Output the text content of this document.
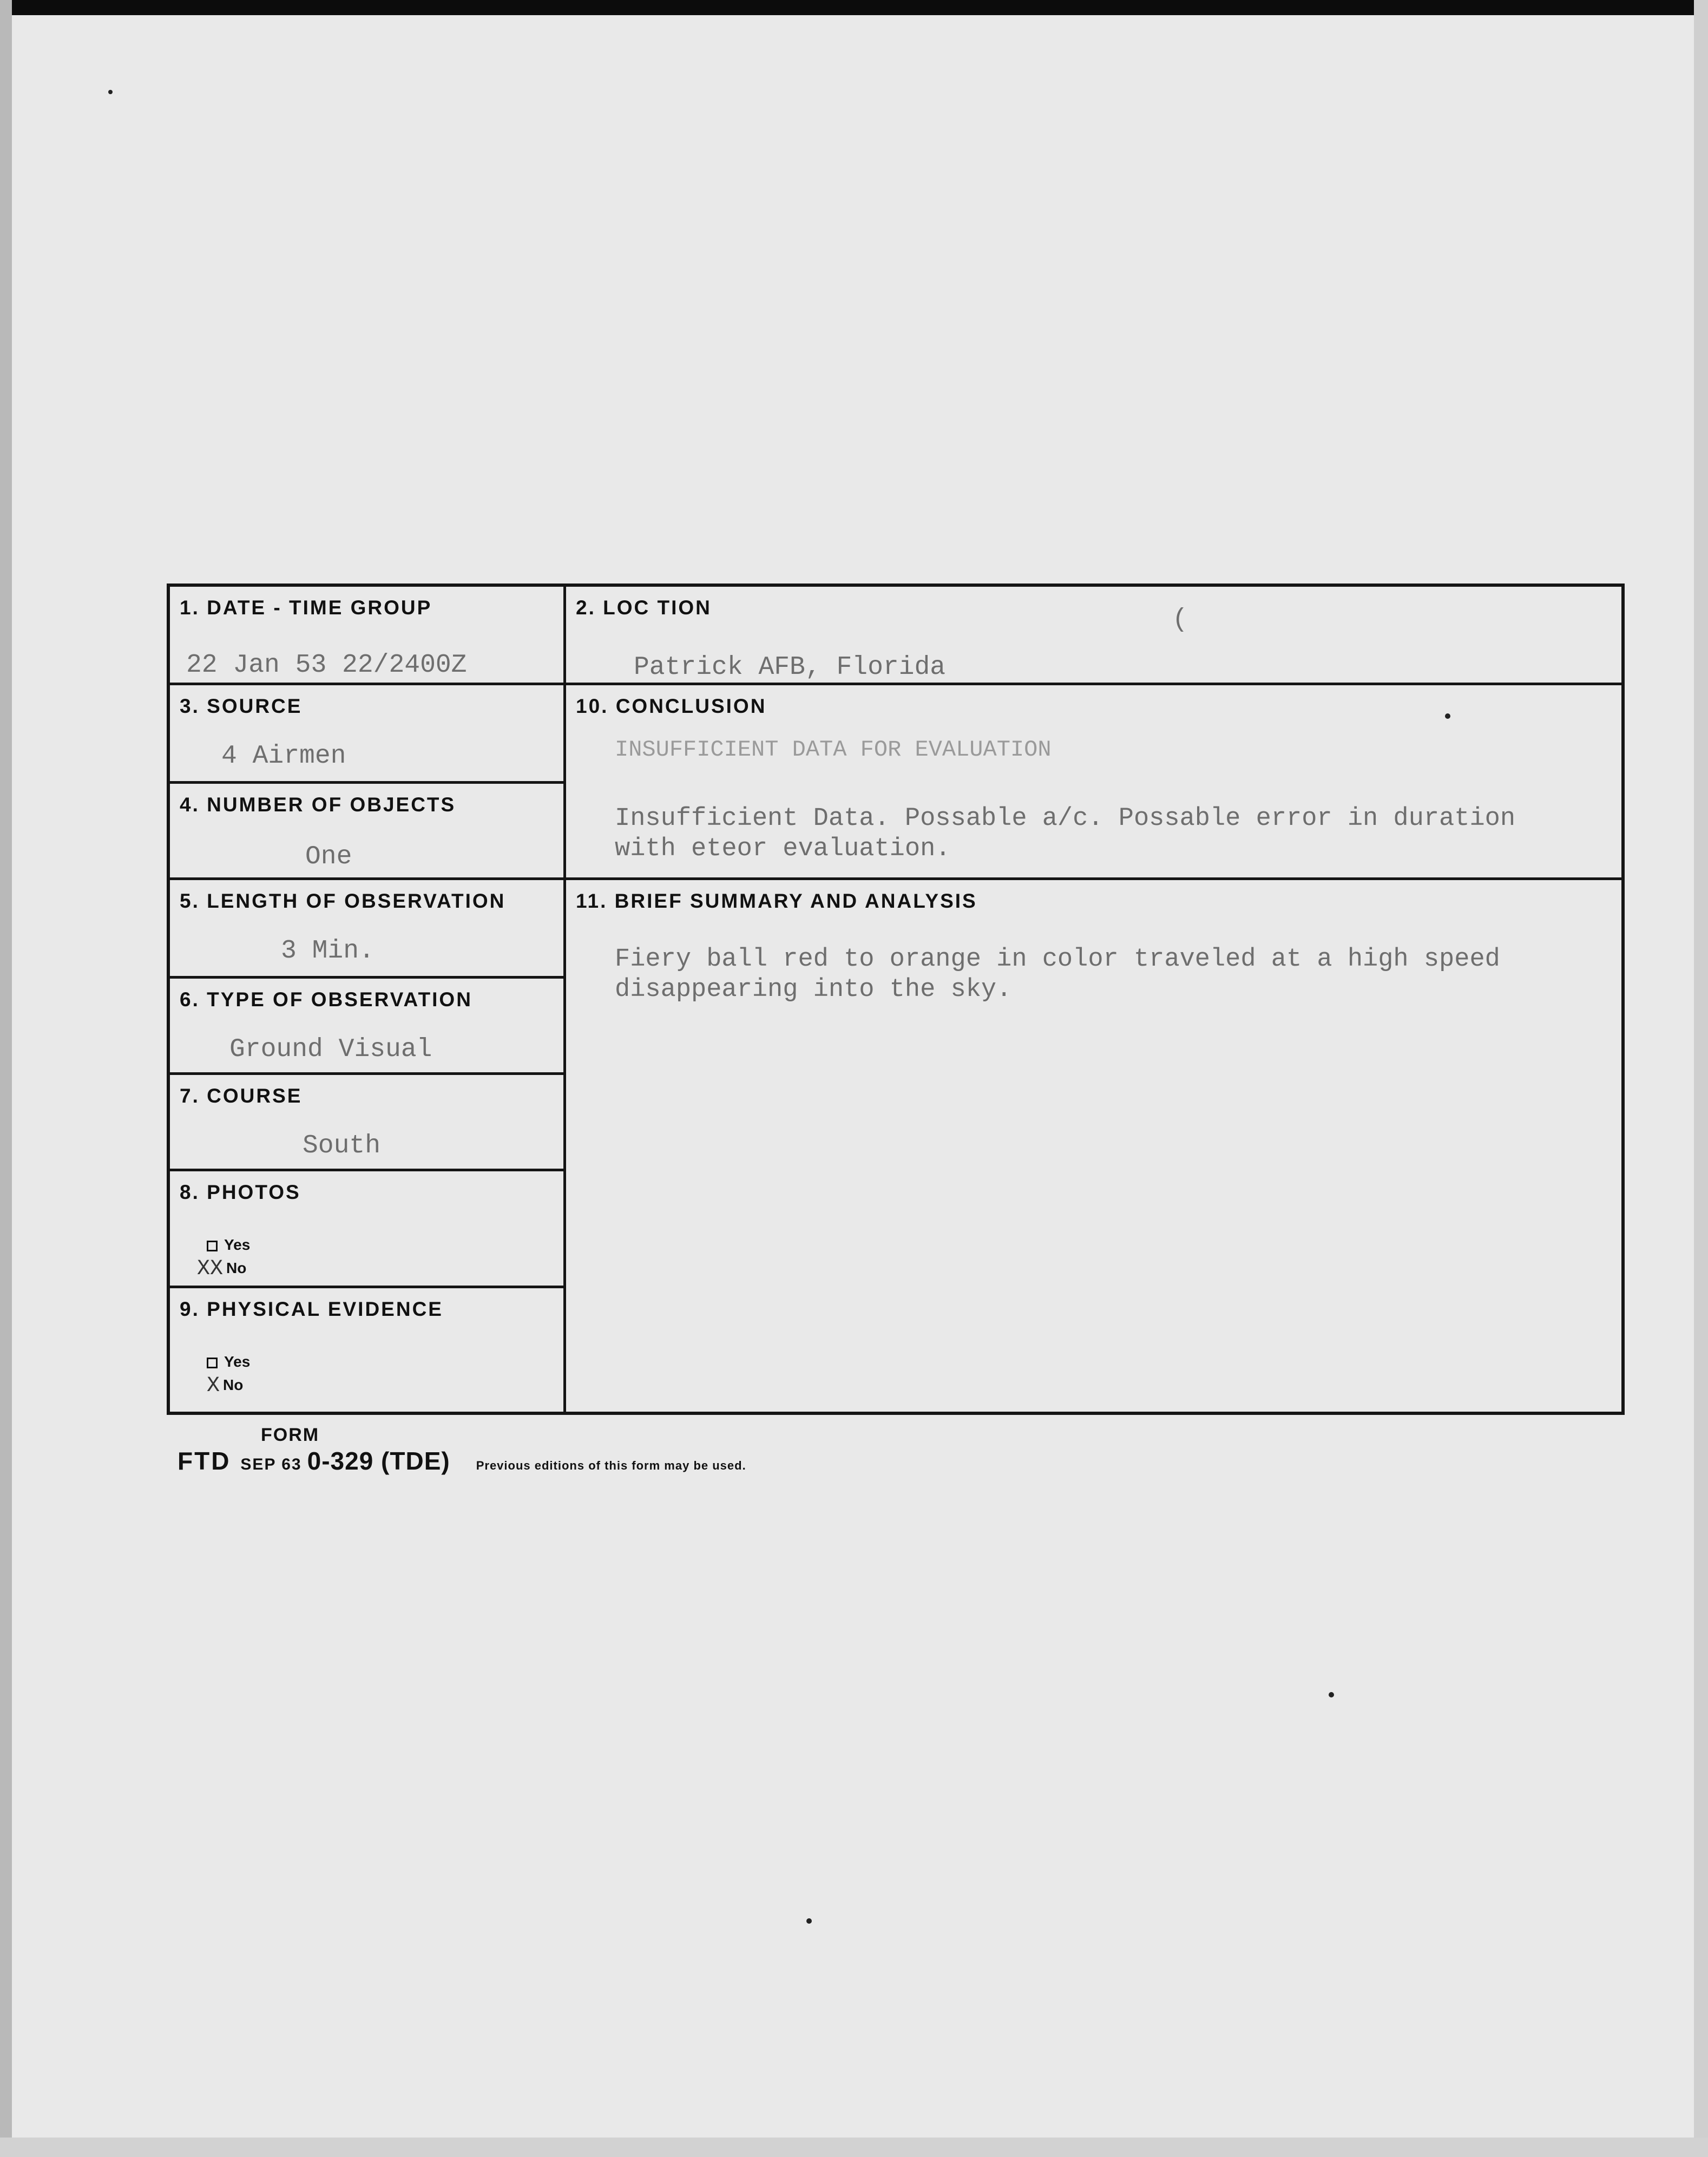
1. DATE - TIME GROUP
22 Jan 53 22/2400Z
2. LOC TION	(
Patrick AFB, Florida
3. SOURCE
4 Airmen
4. NUMBER OF OBJECTS
One
10. CONCLUSION
INSUFFICIENT DATA FOR EVALUATION
Insufficient Data. Possable a/c. Possable error in duration
with eteor evaluation.
5. LENGTH OF OBSERVATION
3 Min.
6. TYPE OF OBSERVATION
Ground Visual
7. COURSE
South
8. PHOTOS
Yes
XX No
9. PHYSICAL EVIDENCE
Yes
X No
11. BRIEF SUMMARY AND ANALYSIS
Fiery ball red to orange in color traveled at a high speed
disappearing into the sky.
FORM
FTD SEP 63 0-329 (TDE) Previous editions of this form may be used.
